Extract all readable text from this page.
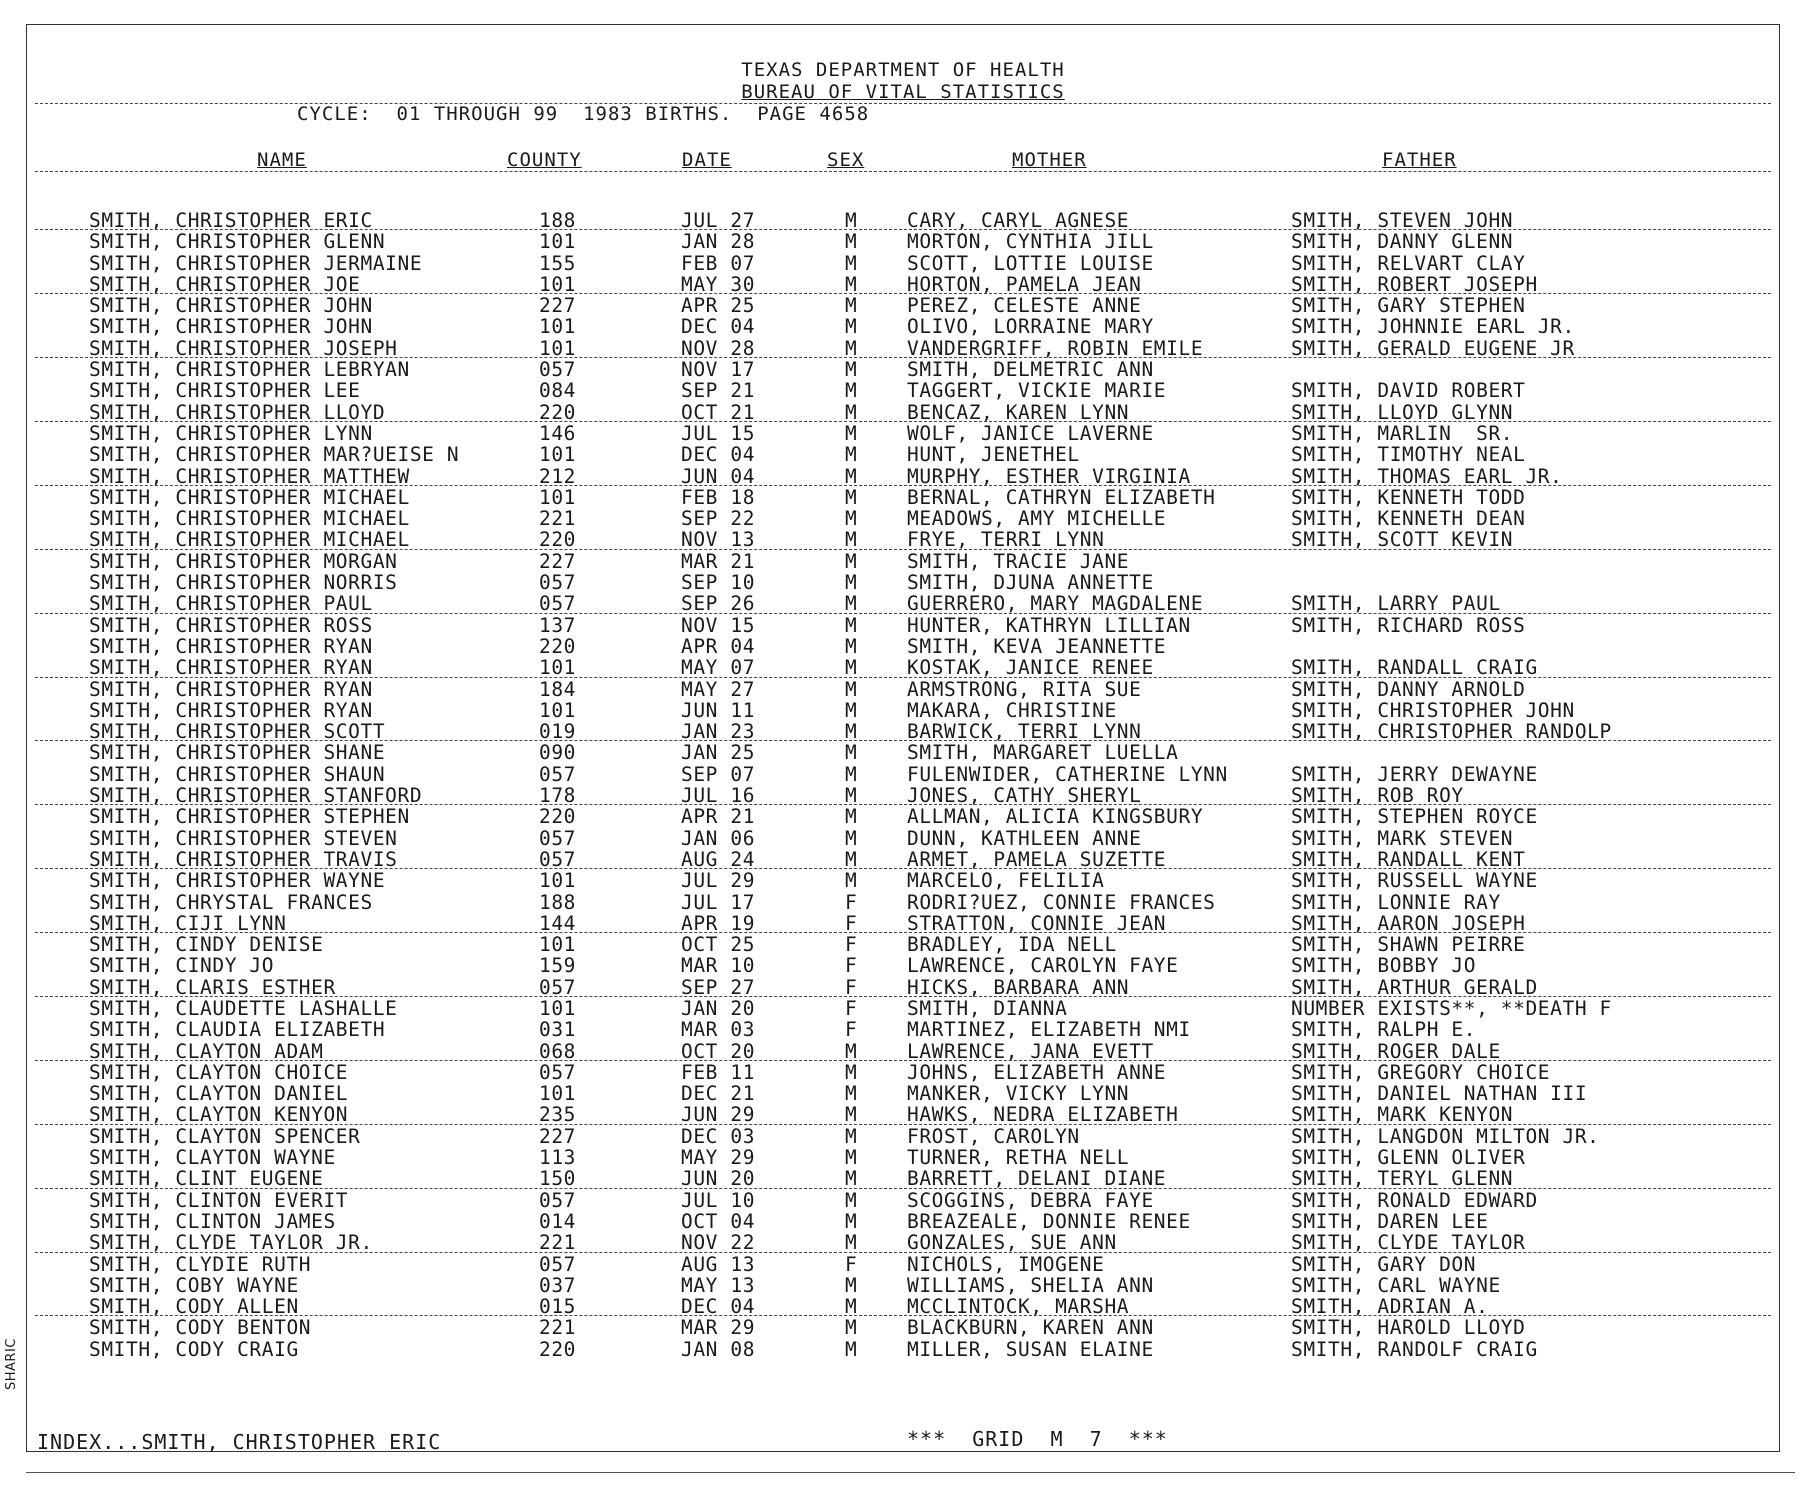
TEXAS DEPARTMENT OF HEALTH
BUREAU OF VITAL STATISTICS
CYCLE:  01 THROUGH 99  1983 BIRTHS.  PAGE 4658
NAME	COUNTY	DATE	SEX	MOTHER	FATHER
SMITH, CHRISTOPHER ERIC	188	JUL 27	M	CARY, CARYL AGNESE	SMITH, STEVEN JOHN
SMITH, CHRISTOPHER GLENN	101	JAN 28	M	MORTON, CYNTHIA JILL	SMITH, DANNY GLENN
SMITH, CHRISTOPHER JERMAINE	155	FEB 07	M	SCOTT, LOTTIE LOUISE	SMITH, RELVART CLAY
SMITH, CHRISTOPHER JOE	101	MAY 30	M	HORTON, PAMELA JEAN	SMITH, ROBERT JOSEPH
SMITH, CHRISTOPHER JOHN	227	APR 25	M	PEREZ, CELESTE ANNE	SMITH, GARY STEPHEN
SMITH, CHRISTOPHER JOHN	101	DEC 04	M	OLIVO, LORRAINE MARY	SMITH, JOHNNIE EARL JR.
SMITH, CHRISTOPHER JOSEPH	101	NOV 28	M	VANDERGRIFF, ROBIN EMILE	SMITH, GERALD EUGENE JR
SMITH, CHRISTOPHER LEBRYAN	057	NOV 17	M	SMITH, DELMETRIC ANN
SMITH, CHRISTOPHER LEE	084	SEP 21	M	TAGGERT, VICKIE MARIE	SMITH, DAVID ROBERT
SMITH, CHRISTOPHER LLOYD	220	OCT 21	M	BENCAZ, KAREN LYNN	SMITH, LLOYD GLYNN
SMITH, CHRISTOPHER LYNN	146	JUL 15	M	WOLF, JANICE LAVERNE	SMITH, MARLIN  SR.
SMITH, CHRISTOPHER MAR?UEISE N	101	DEC 04	M	HUNT, JENETHEL	SMITH, TIMOTHY NEAL
SMITH, CHRISTOPHER MATTHEW	212	JUN 04	M	MURPHY, ESTHER VIRGINIA	SMITH, THOMAS EARL JR.
SMITH, CHRISTOPHER MICHAEL	101	FEB 18	M	BERNAL, CATHRYN ELIZABETH	SMITH, KENNETH TODD
SMITH, CHRISTOPHER MICHAEL	221	SEP 22	M	MEADOWS, AMY MICHELLE	SMITH, KENNETH DEAN
SMITH, CHRISTOPHER MICHAEL	220	NOV 13	M	FRYE, TERRI LYNN	SMITH, SCOTT KEVIN
SMITH, CHRISTOPHER MORGAN	227	MAR 21	M	SMITH, TRACIE JANE
SMITH, CHRISTOPHER NORRIS	057	SEP 10	M	SMITH, DJUNA ANNETTE
SMITH, CHRISTOPHER PAUL	057	SEP 26	M	GUERRERO, MARY MAGDALENE	SMITH, LARRY PAUL
SMITH, CHRISTOPHER ROSS	137	NOV 15	M	HUNTER, KATHRYN LILLIAN	SMITH, RICHARD ROSS
SMITH, CHRISTOPHER RYAN	220	APR 04	M	SMITH, KEVA JEANNETTE
SMITH, CHRISTOPHER RYAN	101	MAY 07	M	KOSTAK, JANICE RENEE	SMITH, RANDALL CRAIG
SMITH, CHRISTOPHER RYAN	184	MAY 27	M	ARMSTRONG, RITA SUE	SMITH, DANNY ARNOLD
SMITH, CHRISTOPHER RYAN	101	JUN 11	M	MAKARA, CHRISTINE	SMITH, CHRISTOPHER JOHN
SMITH, CHRISTOPHER SCOTT	019	JAN 23	M	BARWICK, TERRI LYNN	SMITH, CHRISTOPHER RANDOLP
SMITH, CHRISTOPHER SHANE	090	JAN 25	M	SMITH, MARGARET LUELLA
SMITH, CHRISTOPHER SHAUN	057	SEP 07	M	FULENWIDER, CATHERINE LYNN	SMITH, JERRY DEWAYNE
SMITH, CHRISTOPHER STANFORD	178	JUL 16	M	JONES, CATHY SHERYL	SMITH, ROB ROY
SMITH, CHRISTOPHER STEPHEN	220	APR 21	M	ALLMAN, ALICIA KINGSBURY	SMITH, STEPHEN ROYCE
SMITH, CHRISTOPHER STEVEN	057	JAN 06	M	DUNN, KATHLEEN ANNE	SMITH, MARK STEVEN
SMITH, CHRISTOPHER TRAVIS	057	AUG 24	M	ARMET, PAMELA SUZETTE	SMITH, RANDALL KENT
SMITH, CHRISTOPHER WAYNE	101	JUL 29	M	MARCELO, FELILIA	SMITH, RUSSELL WAYNE
SMITH, CHRYSTAL FRANCES	188	JUL 17	F	RODRI?UEZ, CONNIE FRANCES	SMITH, LONNIE RAY
SMITH, CIJI LYNN	144	APR 19	F	STRATTON, CONNIE JEAN	SMITH, AARON JOSEPH
SMITH, CINDY DENISE	101	OCT 25	F	BRADLEY, IDA NELL	SMITH, SHAWN PEIRRE
SMITH, CINDY JO	159	MAR 10	F	LAWRENCE, CAROLYN FAYE	SMITH, BOBBY JO
SMITH, CLARIS ESTHER	057	SEP 27	F	HICKS, BARBARA ANN	SMITH, ARTHUR GERALD
SMITH, CLAUDETTE LASHALLE	101	JAN 20	F	SMITH, DIANNA	NUMBER EXISTS**, **DEATH F
SMITH, CLAUDIA ELIZABETH	031	MAR 03	F	MARTINEZ, ELIZABETH NMI	SMITH, RALPH E.
SMITH, CLAYTON ADAM	068	OCT 20	M	LAWRENCE, JANA EVETT	SMITH, ROGER DALE
SMITH, CLAYTON CHOICE	057	FEB 11	M	JOHNS, ELIZABETH ANNE	SMITH, GREGORY CHOICE
SMITH, CLAYTON DANIEL	101	DEC 21	M	MANKER, VICKY LYNN	SMITH, DANIEL NATHAN III
SMITH, CLAYTON KENYON	235	JUN 29	M	HAWKS, NEDRA ELIZABETH	SMITH, MARK KENYON
SMITH, CLAYTON SPENCER	227	DEC 03	M	FROST, CAROLYN	SMITH, LANGDON MILTON JR.
SMITH, CLAYTON WAYNE	113	MAY 29	M	TURNER, RETHA NELL	SMITH, GLENN OLIVER
SMITH, CLINT EUGENE	150	JUN 20	M	BARRETT, DELANI DIANE	SMITH, TERYL GLENN
SMITH, CLINTON EVERIT	057	JUL 10	M	SCOGGINS, DEBRA FAYE	SMITH, RONALD EDWARD
SMITH, CLINTON JAMES	014	OCT 04	M	BREAZEALE, DONNIE RENEE	SMITH, DAREN LEE
SMITH, CLYDE TAYLOR JR.	221	NOV 22	M	GONZALES, SUE ANN	SMITH, CLYDE TAYLOR
SMITH, CLYDIE RUTH	057	AUG 13	F	NICHOLS, IMOGENE	SMITH, GARY DON
SMITH, COBY WAYNE	037	MAY 13	M	WILLIAMS, SHELIA ANN	SMITH, CARL WAYNE
SMITH, CODY ALLEN	015	DEC 04	M	MCCLINTOCK, MARSHA	SMITH, ADRIAN A.
SMITH, CODY BENTON	221	MAR 29	M	BLACKBURN, KAREN ANN	SMITH, HAROLD LLOYD
SMITH, CODY CRAIG	220	JAN 08	M	MILLER, SUSAN ELAINE	SMITH, RANDOLF CRAIG
INDEX...SMITH, CHRISTOPHER ERIC	***  GRID  M  7  ***
SHARIC
